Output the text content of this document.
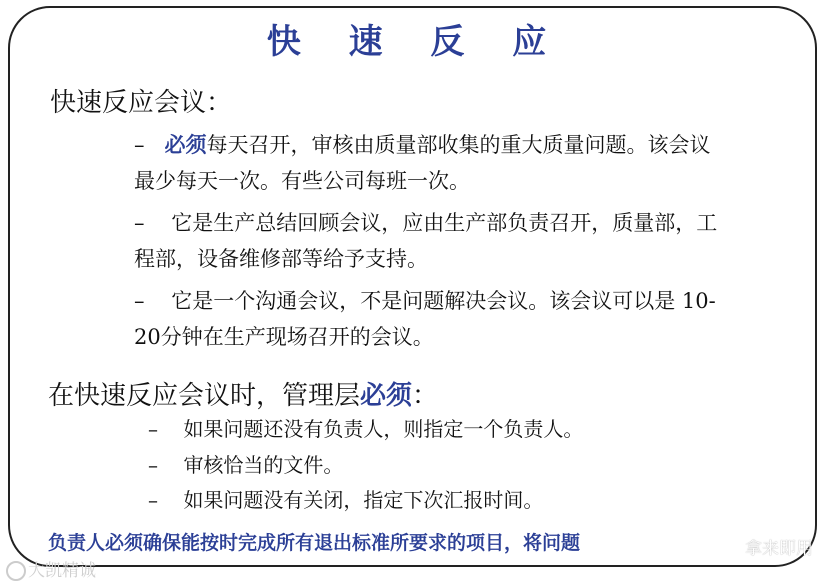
快 速 反 应
快速反应会议：
– 必须每天召开，审核由质量部收集的重大质量问题。该会议
最少每天一次。有些公司每班一次。
– 它是生产总结回顾会议，应由生产部负责召开，质量部，工
程部，设备维修部等给予支持。
– 它是一个沟通会议，不是问题解决会议。该会议可以是 10-
20分钟在生产现场召开的会议。
在快速反应会议时，管理层必须：
– 如果问题还没有负责人，则指定一个负责人。
– 审核恰当的文件。
– 如果问题没有关闭，指定下次汇报时间。
负责人必须确保能按时完成所有退出标准所要求的项目，将问题
大凯精诚
拿来即用
